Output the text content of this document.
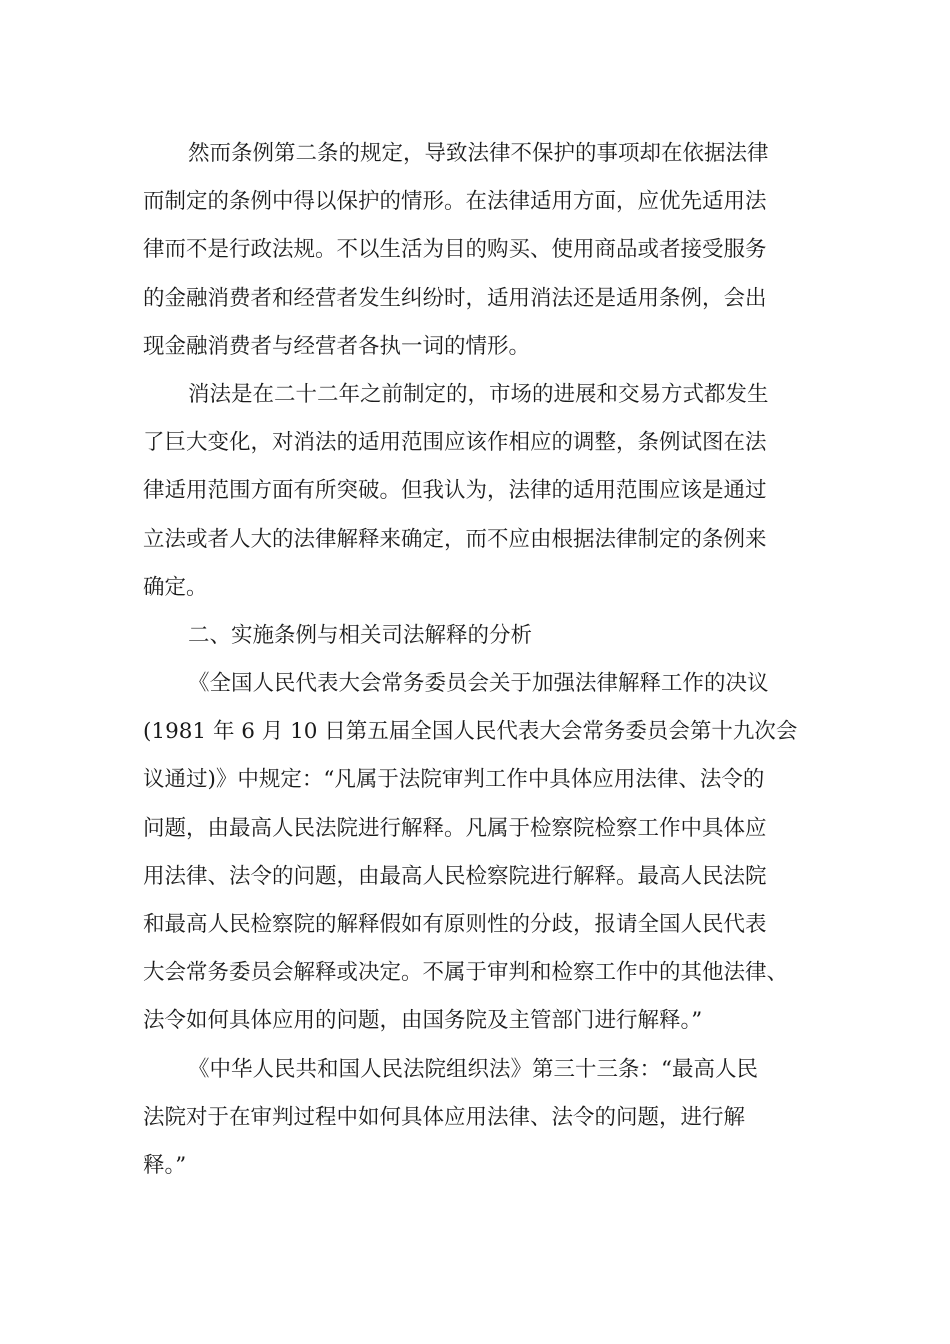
然而条例第二条的规定，导致法律不保护的事项却在依据法律
而制定的条例中得以保护的情形。在法律适用方面，应优先适用法
律而不是行政法规。不以生活为目的购买、使用商品或者接受服务
的金融消费者和经营者发生纠纷时，适用消法还是适用条例，会出
现金融消费者与经营者各执一词的情形。
消法是在二十二年之前制定的，市场的进展和交易方式都发生
了巨大变化，对消法的适用范围应该作相应的调整，条例试图在法
律适用范围方面有所突破。但我认为，法律的适用范围应该是通过
立法或者人大的法律解释来确定，而不应由根据法律制定的条例来
确定。
二、实施条例与相关司法解释的分析
《全国人民代表大会常务委员会关于加强法律解释工作的决议
(1981 年 6 月 10 日第五届全国人民代表大会常务委员会第十九次会
议通过)》中规定：“凡属于法院审判工作中具体应用法律、法令的
问题，由最高人民法院进行解释。凡属于检察院检察工作中具体应
用法律、法令的问题，由最高人民检察院进行解释。最高人民法院
和最高人民检察院的解释假如有原则性的分歧，报请全国人民代表
大会常务委员会解释或决定。不属于审判和检察工作中的其他法律、
法令如何具体应用的问题，由国务院及主管部门进行解释。”
《中华人民共和国人民法院组织法》第三十三条：“最高人民
法院对于在审判过程中如何具体应用法律、法令的问题，进行解
释。”
